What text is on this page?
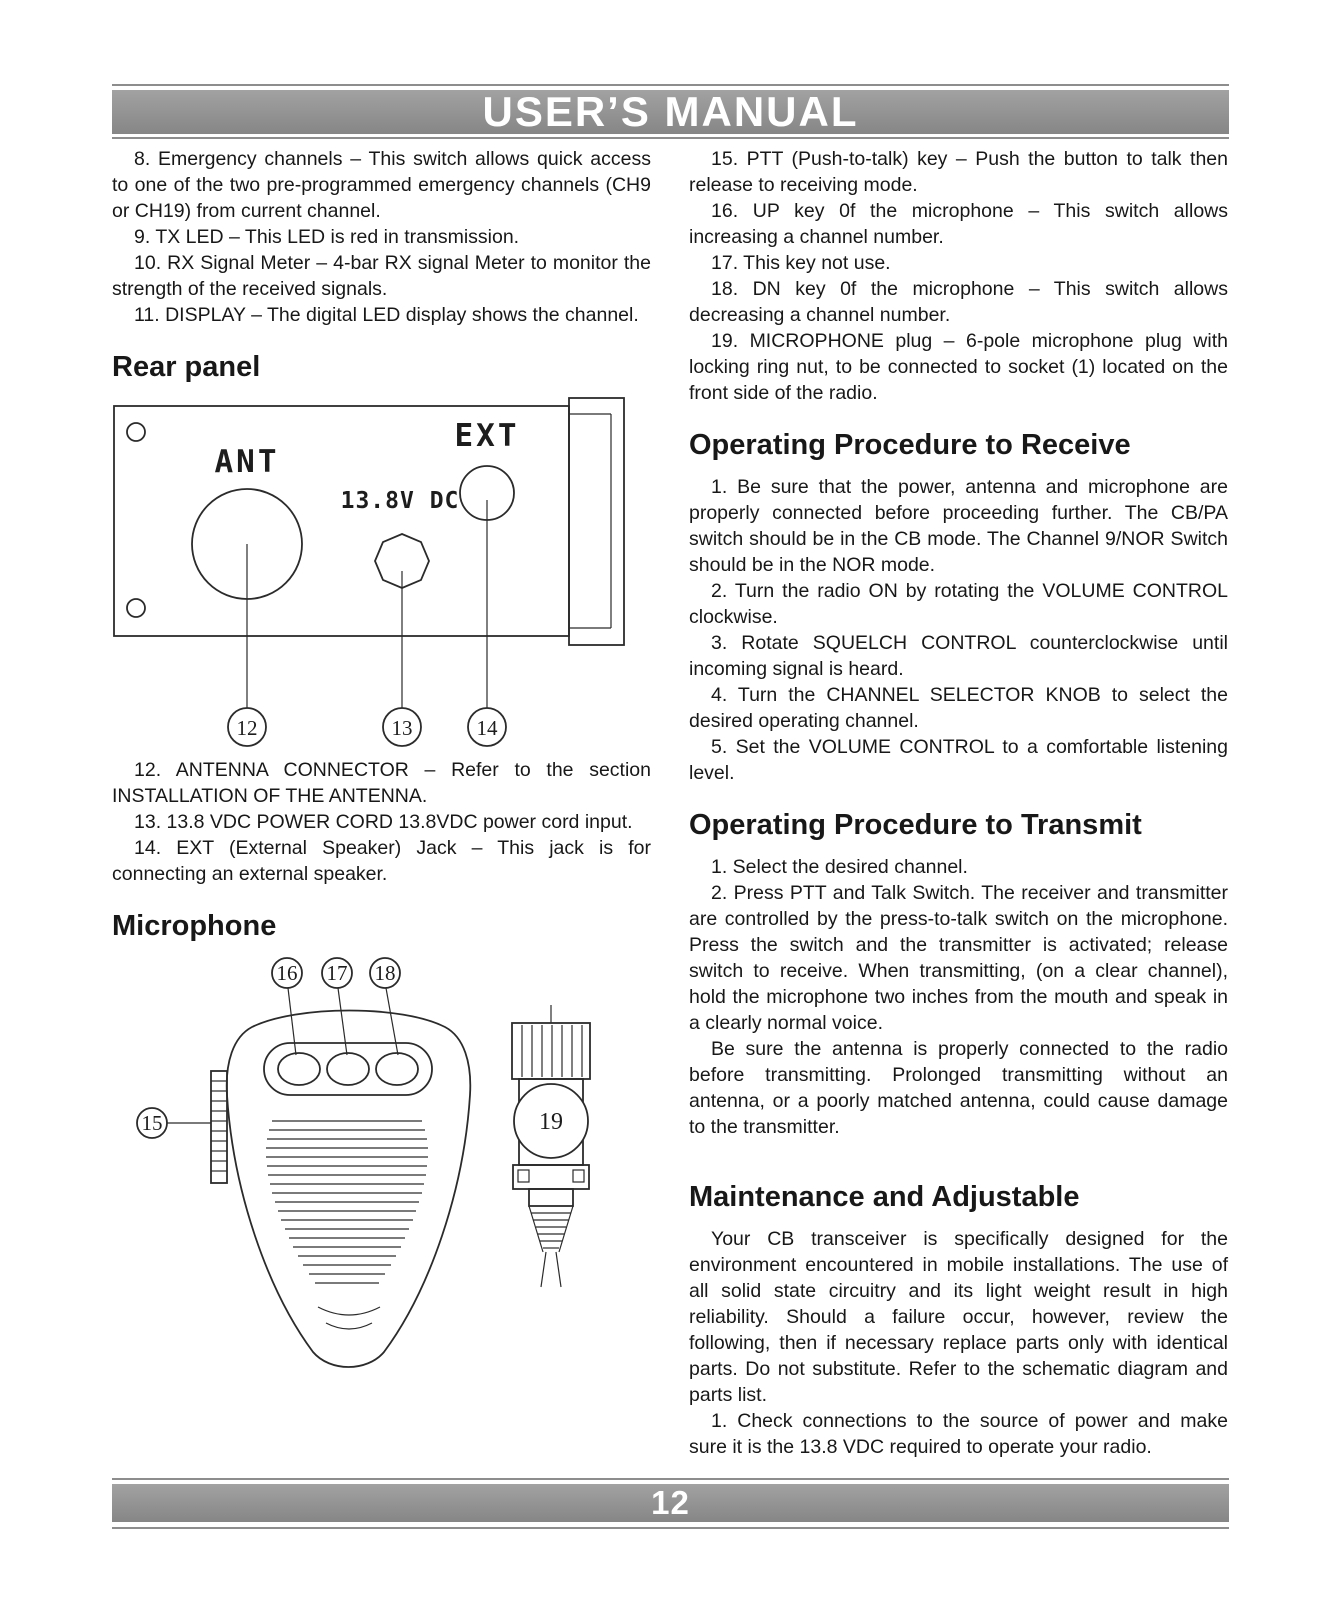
USER’S MANUAL

8. Emergency channels – This switch allows quick access to one of the two pre-programmed emergency channels (CH9 or CH19) from current channel.

9. TX LED – This LED is red in transmission.

10. RX Signal Meter – 4-bar RX signal Meter to monitor the strength of the received signals.

11. DISPLAY – The digital LED display shows the channel.

Rear panel
ANT
13.8V DC
EXT
12	13	14

12. ANTENNA CONNECTOR – Refer to the section INSTALLATION OF THE ANTENNA.

13. 13.8 VDC POWER CORD 13.8VDC power cord input.

14. EXT (External Speaker) Jack – This jack is for connecting an external speaker.

Microphone
16 17 18
15	19

15. PTT (Push-to-talk) key – Push the button to talk then release to receiving mode.

16. UP key 0f the microphone – This switch allows increasing a channel number.

17. This key not use.

18. DN key 0f the microphone – This switch allows decreasing a channel number.

19. MICROPHONE plug – 6-pole microphone plug with locking ring nut, to be connected to socket (1) located on the front side of the radio.

Operating Procedure to Receive

1. Be sure that the power, antenna and microphone are properly connected before proceeding further. The CB/PA switch should be in the CB mode. The Channel 9/NOR Switch should be in the NOR mode.

2. Turn the radio ON by rotating the VOLUME CONTROL clockwise.

3. Rotate SQUELCH CONTROL counterclockwise until incoming signal is heard.

4. Turn the CHANNEL SELECTOR KNOB to select the desired operating channel.

5. Set the VOLUME CONTROL to a comfortable listening level.

Operating Procedure to Transmit

1. Select the desired channel.

2. Press PTT and Talk Switch. The receiver and transmitter are controlled by the press-to-talk switch on the microphone. Press the switch and the transmitter is activated; release switch to receive. When transmitting, (on a clear channel), hold the microphone two inches from the mouth and speak in a clearly normal voice.

Be sure the antenna is properly connected to the radio before transmitting. Prolonged transmitting without an antenna, or a poorly matched antenna, could cause damage to the transmitter.

Maintenance and Adjustable

Your CB transceiver is specifically designed for the environment encountered in mobile installations. The use of all solid state circuitry and its light weight result in high reliability. Should a failure occur, however, review the following, then if necessary replace parts only with identical parts. Do not substitute. Refer to the schematic diagram and parts list.

1. Check connections to the source of power and make sure it is the 13.8 VDC required to operate your radio.

12
